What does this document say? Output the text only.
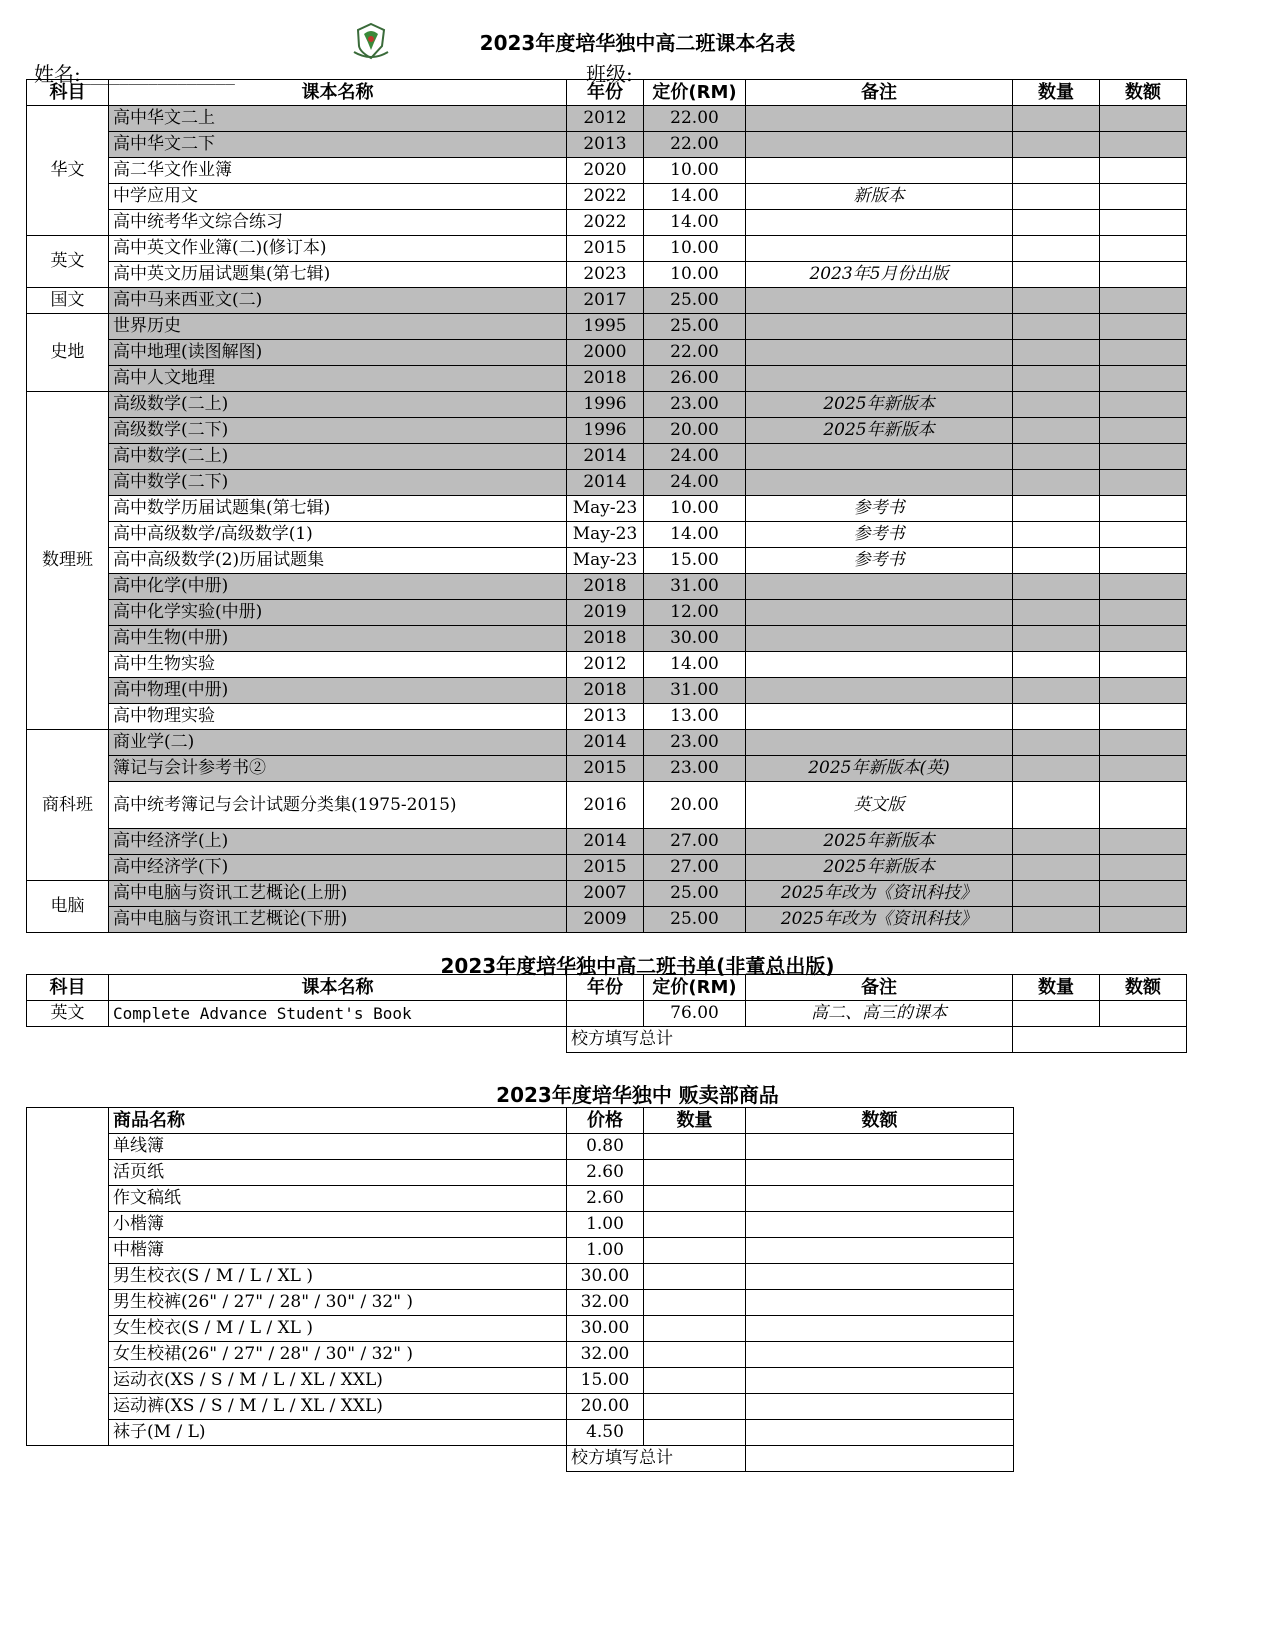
2023年度培华独中高二班课本名表
姓名:________________	班级:
科目	课本名称	年份	定价(RM)	备注	数量	数额
华文	高中华文二上	2012	22.00			
	高中华文二下	2013	22.00			
	高二华文作业簿	2020	10.00			
	中学应用文	2022	14.00	新版本		
	高中统考华文综合练习	2022	14.00			
英文	高中英文作业簿(二)(修订本)	2015	10.00			
	高中英文历届试题集(第七辑)	2023	10.00	2023年5月份出版		
国文	高中马来西亚文(二)	2017	25.00			
史地	世界历史	1995	25.00			
	高中地理(读图解图)	2000	22.00			
	高中人文地理	2018	26.00			
数理班	高级数学(二上)	1996	23.00	2025年新版本		
	高级数学(二下)	1996	20.00	2025年新版本		
	高中数学(二上)	2014	24.00			
	高中数学(二下)	2014	24.00			
	高中数学历届试题集(第七辑)	May-23	10.00	参考书		
	高中高级数学/高级数学(1)	May-23	14.00	参考书		
	高中高级数学(2)历届试题集	May-23	15.00	参考书		
	高中化学(中册)	2018	31.00			
	高中化学实验(中册)	2019	12.00			
	高中生物(中册)	2018	30.00			
	高中生物实验	2012	14.00			
	高中物理(中册)	2018	31.00			
	高中物理实验	2013	13.00			
商科班	商业学(二)	2014	23.00			
	簿记与会计参考书②	2015	23.00	2025年新版本(英)		
	高中统考簿记与会计试题分类集(1975-2015)	2016	20.00	英文版		
	高中经济学(上)	2014	27.00	2025年新版本		
	高中经济学(下)	2015	27.00	2025年新版本		
电脑	高中电脑与资讯工艺概论(上册)	2007	25.00	2025年改为《资讯科技》		
	高中电脑与资讯工艺概论(下册)	2009	25.00	2025年改为《资讯科技》		
2023年度培华独中高二班书单(非董总出版)
科目	课本名称	年份	定价(RM)	备注	数量	数额
英文	Complete Advance Student's Book		76.00	高二、高三的课本		
		校方填写总计				
2023年度培华独中 贩卖部商品
	商品名称	价格	数量	数额
	单线簿	0.80		
	活页纸	2.60		
	作文稿纸	2.60		
	小楷簿	1.00		
	中楷簿	1.00		
	男生校衣(S / M / L / XL )	30.00		
	男生校裤(26" / 27" / 28" / 30" / 32" )	32.00		
	女生校衣(S / M / L / XL )	30.00		
	女生校裙(26" / 27" / 28" / 30" / 32" )	32.00		
	运动衣(XS / S / M / L / XL / XXL)	15.00		
	运动裤(XS / S / M / L / XL / XXL)	20.00		
	袜子(M / L)	4.50		
		校方填写总计		
